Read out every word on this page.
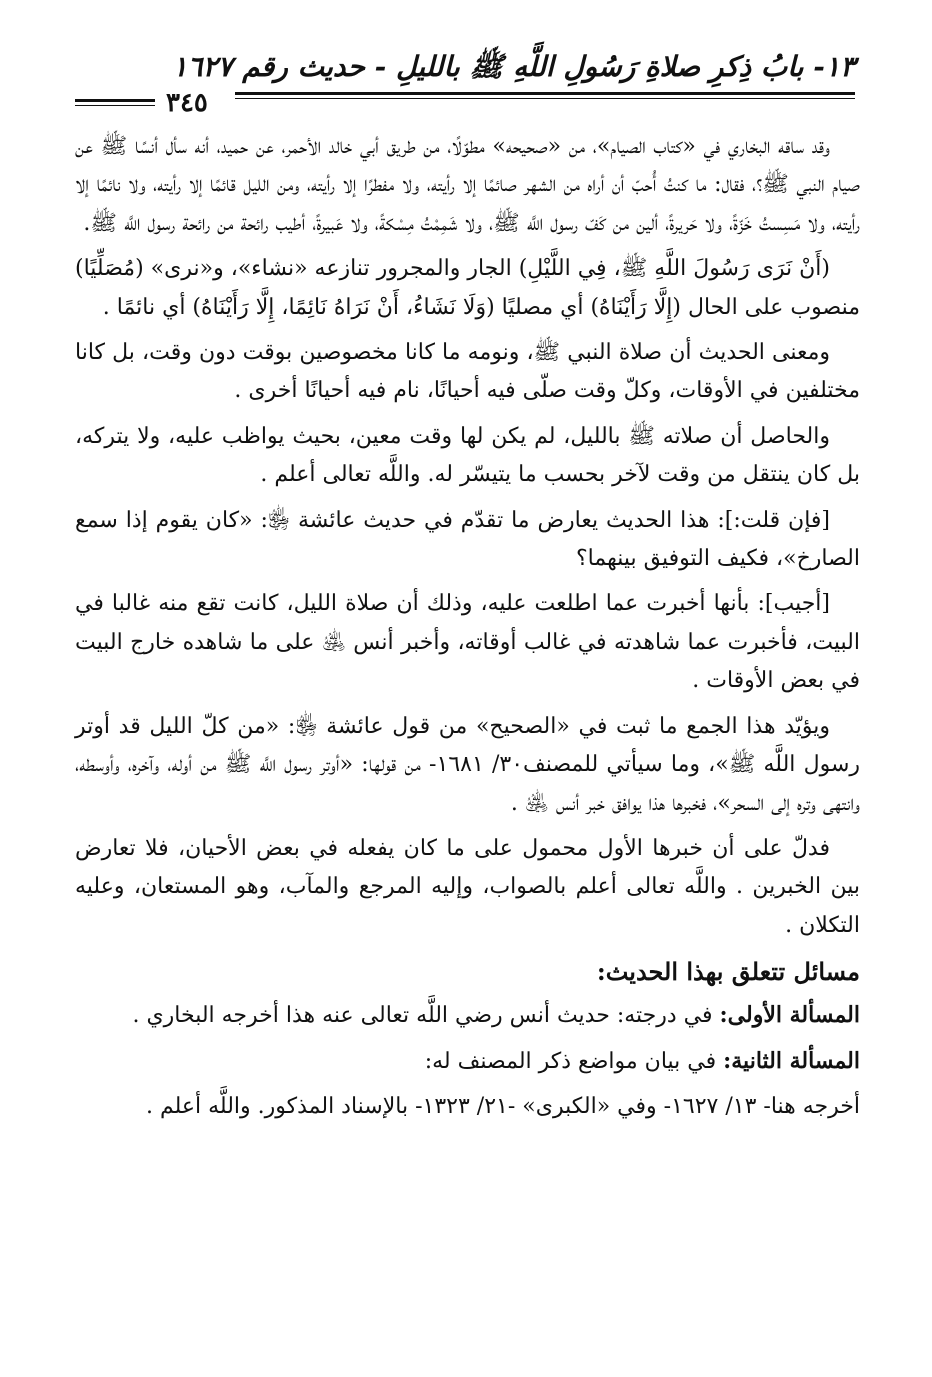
١٣- بابُ ذِكرِ صلاةِ رَسُولِ اللَّهِ ﷺ بالليلِ - حديث رقم ١٦٢٧
٣٤٥

وقد ساقه البخاري في «كتاب الصيام»، من «صحيحه» مطوّلًا، من طريق أبي خالد الأحمر، عن حميد، أنه سأل أنسًا ﷺ عن صيام النبي ﷺ؟، فقال: ما كنتُ أُحبّ أن أراه من الشهر صائمًا إلا رأيته، ولا مفطرًا إلا رأيته، ومن الليل قائمًا إلا رأيته، ولا نائمًا إلا رأيته، ولا مَسِستُ خَزّةً، ولا حَريرةً، ألين من كَفّ رسول اللَّه ﷺ، ولا شَمِمْتُ مِسْكةً، ولا عَبيرةً، أطيب رائحة من رائحة رسول اللَّه ﷺ.

(أَنْ نَرَى رَسُولَ اللَّهِ ﷺ، فِي اللَّيْلِ) الجار والمجرور تنازعه «نشاء»، و«نرى» (مُصَلِّيًا) منصوب على الحال (إِلَّا رَأَيْنَاهُ) أي مصليًا (وَلَا نَشَاءُ، أَنْ نَرَاهُ نَائِمًا، إِلَّا رَأَيْنَاهُ) أي نائمًا .

ومعنى الحديث أن صلاة النبي ﷺ، ونومه ما كانا مخصوصين بوقت دون وقت، بل كانا مختلفين في الأوقات، وكلّ وقت صلّى فيه أحيانًا، نام فيه أحيانًا أخرى .

والحاصل أن صلاته ﷺ بالليل، لم يكن لها وقت معين، بحيث يواظب عليه، ولا يتركه، بل كان ينتقل من وقت لآخر بحسب ما يتيسّر له. واللَّه تعالى أعلم .

[فإن قلت:]: هذا الحديث يعارض ما تقدّم في حديث عائشة ﵂: «كان يقوم إذا سمع الصارخ»، فكيف التوفيق بينهما؟

[أجيب]: بأنها أخبرت عما اطلعت عليه، وذلك أن صلاة الليل، كانت تقع منه غالبا في البيت، فأخبرت عما شاهدته في غالب أوقاته، وأخبر أنس ﵁ على ما شاهده خارج البيت في بعض الأوقات .

ويؤيّد هذا الجمع ما ثبت في «الصحيح» من قول عائشة ﵂: «من كلّ الليل قد أوتر رسول اللَّه ﷺ»، وما سيأتي للمصنف٣٠/ ١٦٨١- من قولها: «أوتر رسول اللَّه ﷺ من أوله، وآخره، وأوسطه، وانتهى وتره إلى السحر»، فخبرها هذا يوافق خبر أنس ﵁ .

فدلّ على أن خبرها الأول محمول على ما كان يفعله في بعض الأحيان، فلا تعارض بين الخبرين . واللَّه تعالى أعلم بالصواب، وإليه المرجع والمآب، وهو المستعان، وعليه التكلان .

مسائل تتعلق بهذا الحديث:

المسألة الأولى: في درجته: حديث أنس رضي اللَّه تعالى عنه هذا أخرجه البخاري .

المسألة الثانية: في بيان مواضع ذكر المصنف له:

أخرجه هنا- ١٣/ ١٦٢٧- وفي «الكبرى» -٢١/ ١٣٢٣- بالإسناد المذكور. واللَّه أعلم .
